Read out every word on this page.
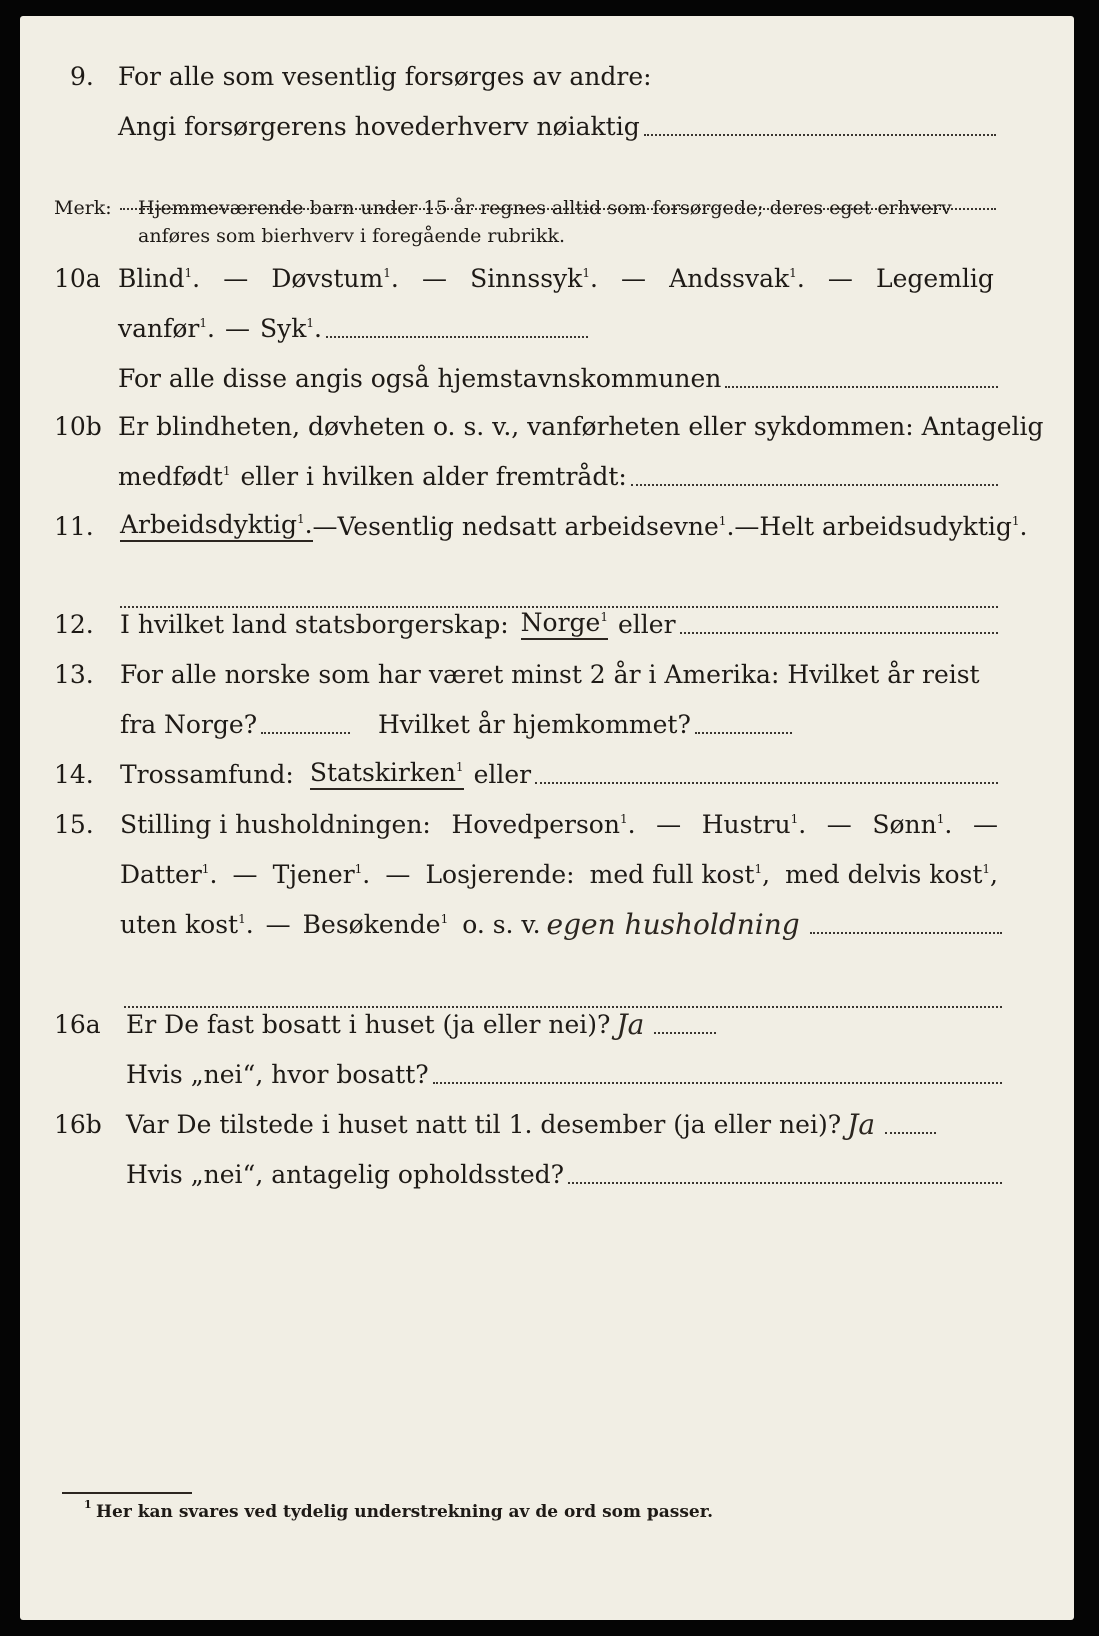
9. For alle som vesentlig forsørges av andre:
Angi forsørgerens hovederhverv nøiaktig
Merk:	Hjemmeværende barn under 15 år regnes alltid som forsørgede; deres eget erhverv
anføres som bierhverv i foregående rubrikk.
10a Blind$^1$. — Døvstum$^1$. — Sinnssyk$^1$. — Andssvak$^1$. — Legemlig
vanfør$^1$. — Syk$^1$.
For alle disse angis også hjemstavnskommunen
10b Er blindheten, døvheten o. s. v., vanførheten eller sykdommen: Antagelig
medfødt$^1$ eller i hvilken alder fremtrådt:
11.	Arbeidsdyktig$^1$. — Vesentlig nedsatt arbeidsevne$^1$. — Helt arbeidsudyktig$^1$.
12.	I hvilket land statsborgerskap: Norge$^1$ eller
13.	For alle norske som har været minst 2 år i Amerika: Hvilket år reist
fra Norge?	Hvilket år hjemkommet?
14.	Trossamfund: Statskirken$^1$ eller
15.	Stilling i husholdningen: Hovedperson$^1$. — Hustru$^1$. — Sønn$^1$. —
Datter$^1$. — Tjener$^1$. — Losjerende: med full kost$^1$, med delvis kost$^1$,
uten kost$^1$. — Besøkende$^1$ o. s. v. egen husholdning
16a	Er De fast bosatt i huset (ja eller nei)? Ja
Hvis „nei“, hvor bosatt?
16b Var De tilstede i huset natt til 1. desember (ja eller nei)? Ja
Hvis „nei“, antagelig opholdssted?
1 Her kan svares ved tydelig understrekning av de ord som passer.
